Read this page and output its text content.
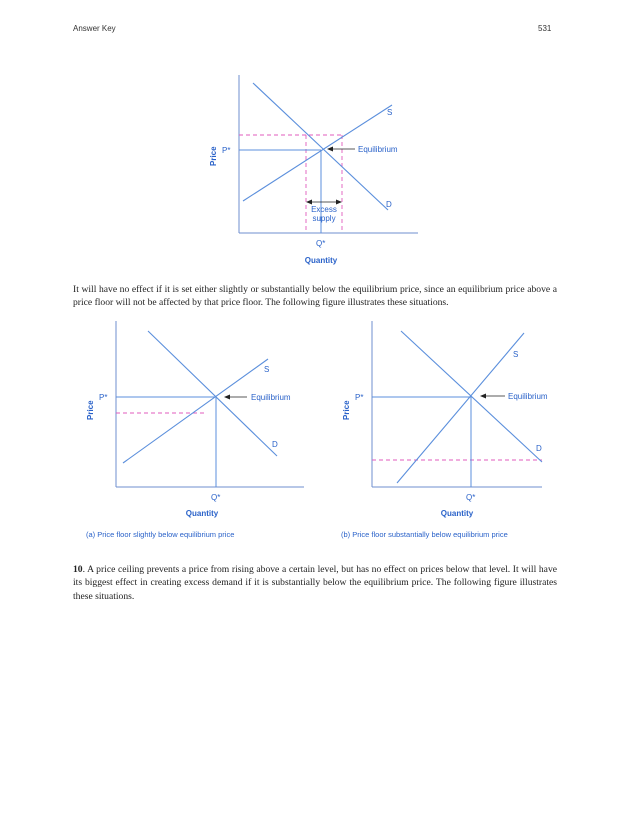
Answer Key	531
Equilibrium
S
D
P*
Q*
Excess
supply
Price
Quantity
It will have no effect if it is set either slightly or substantially below the equilibrium price, since an equilibrium price above a price floor will not be affected by that price floor. The following figure illustrates these situations.
Equilibrium
S
D
P*
Q*
Price
Quantity
(a) Price floor slightly below equilibrium price
Equilibrium
S
D
P*
Q*
Price
Quantity
(b) Price floor substantially below equilibrium price
10. A price ceiling prevents a price from rising above a certain level, but has no effect on prices below that level. It will have its biggest effect in creating excess demand if it is substantially below the equilibrium price. The following figure illustrates these situations.
